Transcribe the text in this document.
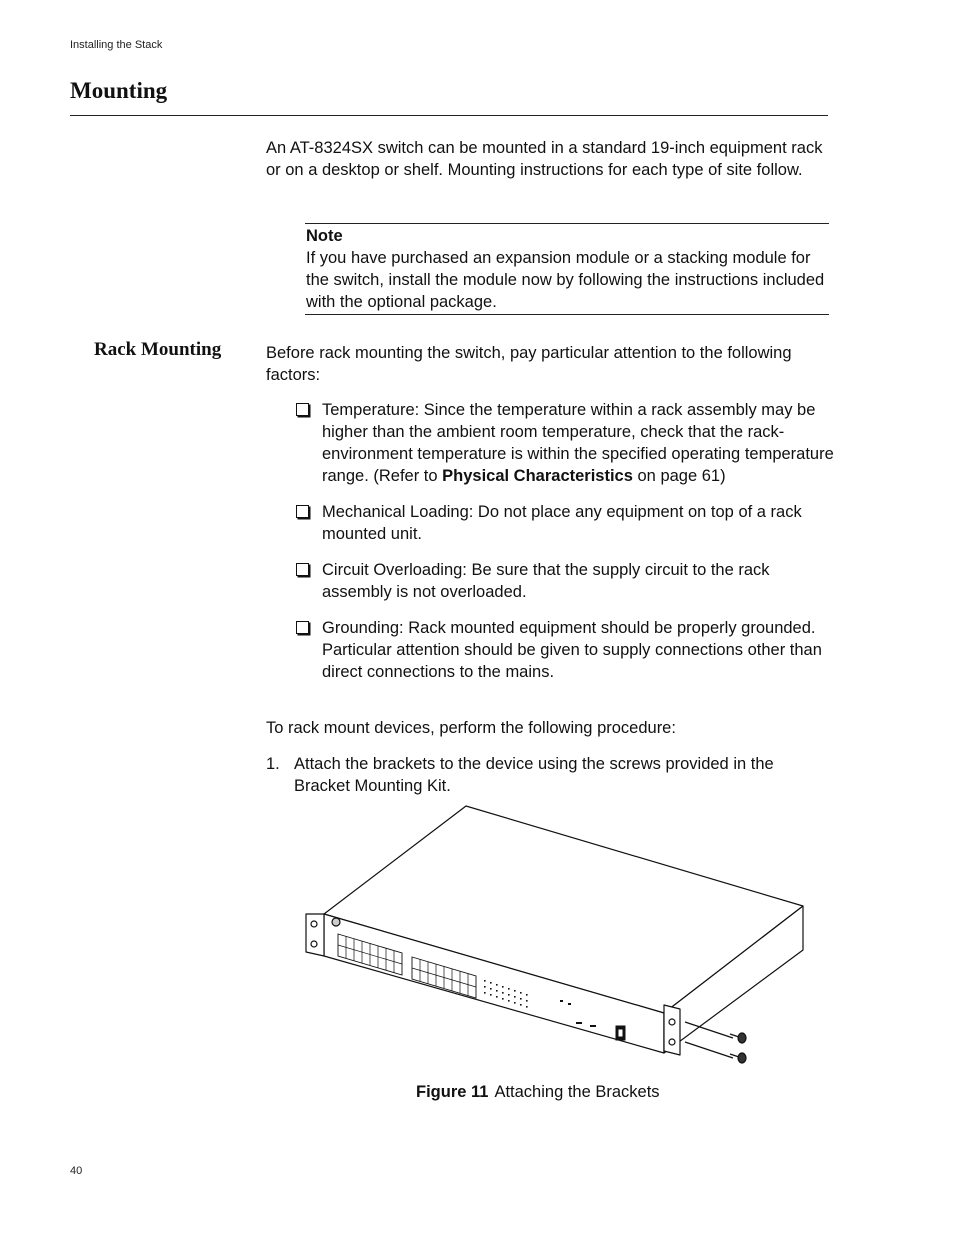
Installing the Stack
Mounting

An AT-8324SX switch can be mounted in a standard 19-inch equipment rack or on a desktop or shelf. Mounting instructions for each type of site follow.

Note
If you have purchased an expansion module or a stacking module for the switch, install the module now by following the instructions included with the optional package.
Rack Mounting	Before rack mounting the switch, pay particular attention to the following factors:

Temperature: Since the temperature within a rack assembly may be higher than the ambient room temperature, check that the rack-environment temperature is within the specified operating temperature range. (Refer to Physical Characteristics on page 61)
Mechanical Loading: Do not place any equipment on top of a rack mounted unit.
Circuit Overloading: Be sure that the supply circuit to the rack assembly is not overloaded.
Grounding: Rack mounted equipment should be properly grounded. Particular attention should be given to supply connections other than direct connections to the mains.

To rack mount devices, perform the following procedure:

1. Attach the brackets to the device using the screws provided in the Bracket Mounting Kit.
Figure 11 Attaching the Brackets
40
